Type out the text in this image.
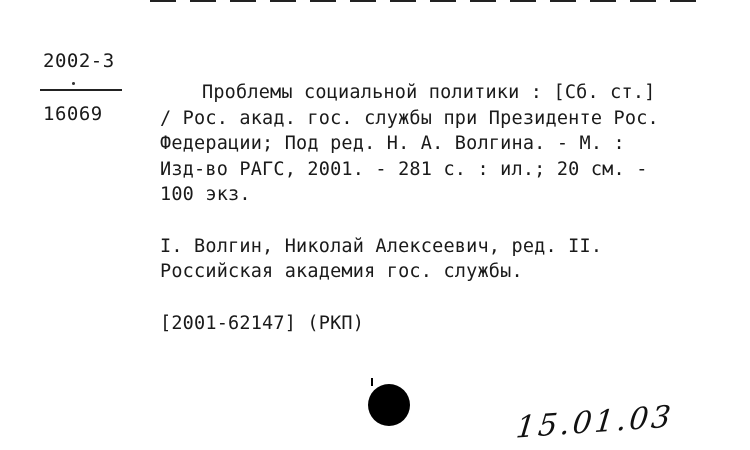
2002-3
16069
Проблемы социальной политики : [Сб. ст.]
/ Рос. акад. гос. службы при Президенте Рос.
Федерации; Под ред. Н. А. Волгина. - М. :
Изд-во РАГС, 2001. - 281 с. : ил.; 20 см. -
100 экз.
I. Волгин, Николай Алексеевич, ред. II.
Российская академия гос. службы.
[2001-62147] (РКП)
15.01.03
